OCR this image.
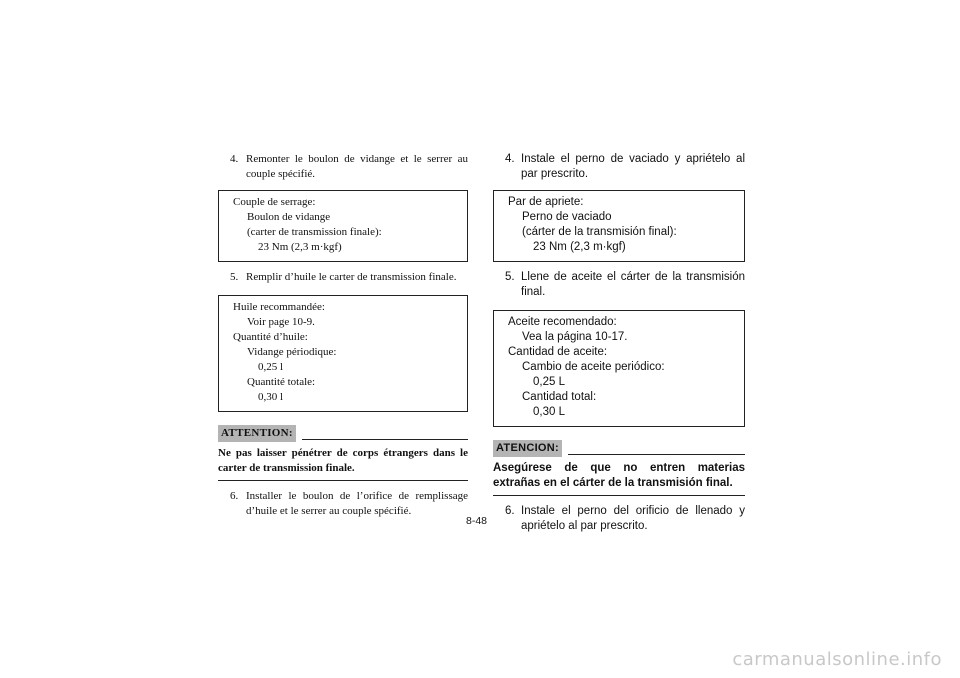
4. Remonter le boulon de vidange et le serrer au couple spécifié.
Couple de serrage:
Boulon de vidange
(carter de transmission finale):
23 Nm (2,3 m·kgf)
5. Remplir d’huile le carter de transmission finale.
Huile recommandée:
Voir page 10-9.
Quantité d’huile:
Vidange périodique:
0,25 l
Quantité totale:
0,30 l
ATTENTION:
Ne pas laisser pénétrer de corps étrangers dans le carter de transmission finale.
6. Installer le boulon de l’orifice de remplissage d’huile et le serrer au couple spécifié.
4. Instale el perno de vaciado y apriételo al par prescrito.
Par de apriete:
Perno de vaciado
(cárter de la transmisión final):
23 Nm (2,3 m·kgf)
5. Llene de aceite el cárter de la transmisión final.
Aceite recomendado:
Vea la página 10-17.
Cantidad de aceite:
Cambio de aceite periódico:
0,25 L
Cantidad total:
0,30 L
ATENCION:
Asegúrese de que no entren materias extrañas en el cárter de la transmisión final.
6. Instale el perno del orificio de llenado y apriételo al par prescrito.
8-48
carmanualsonline.info
